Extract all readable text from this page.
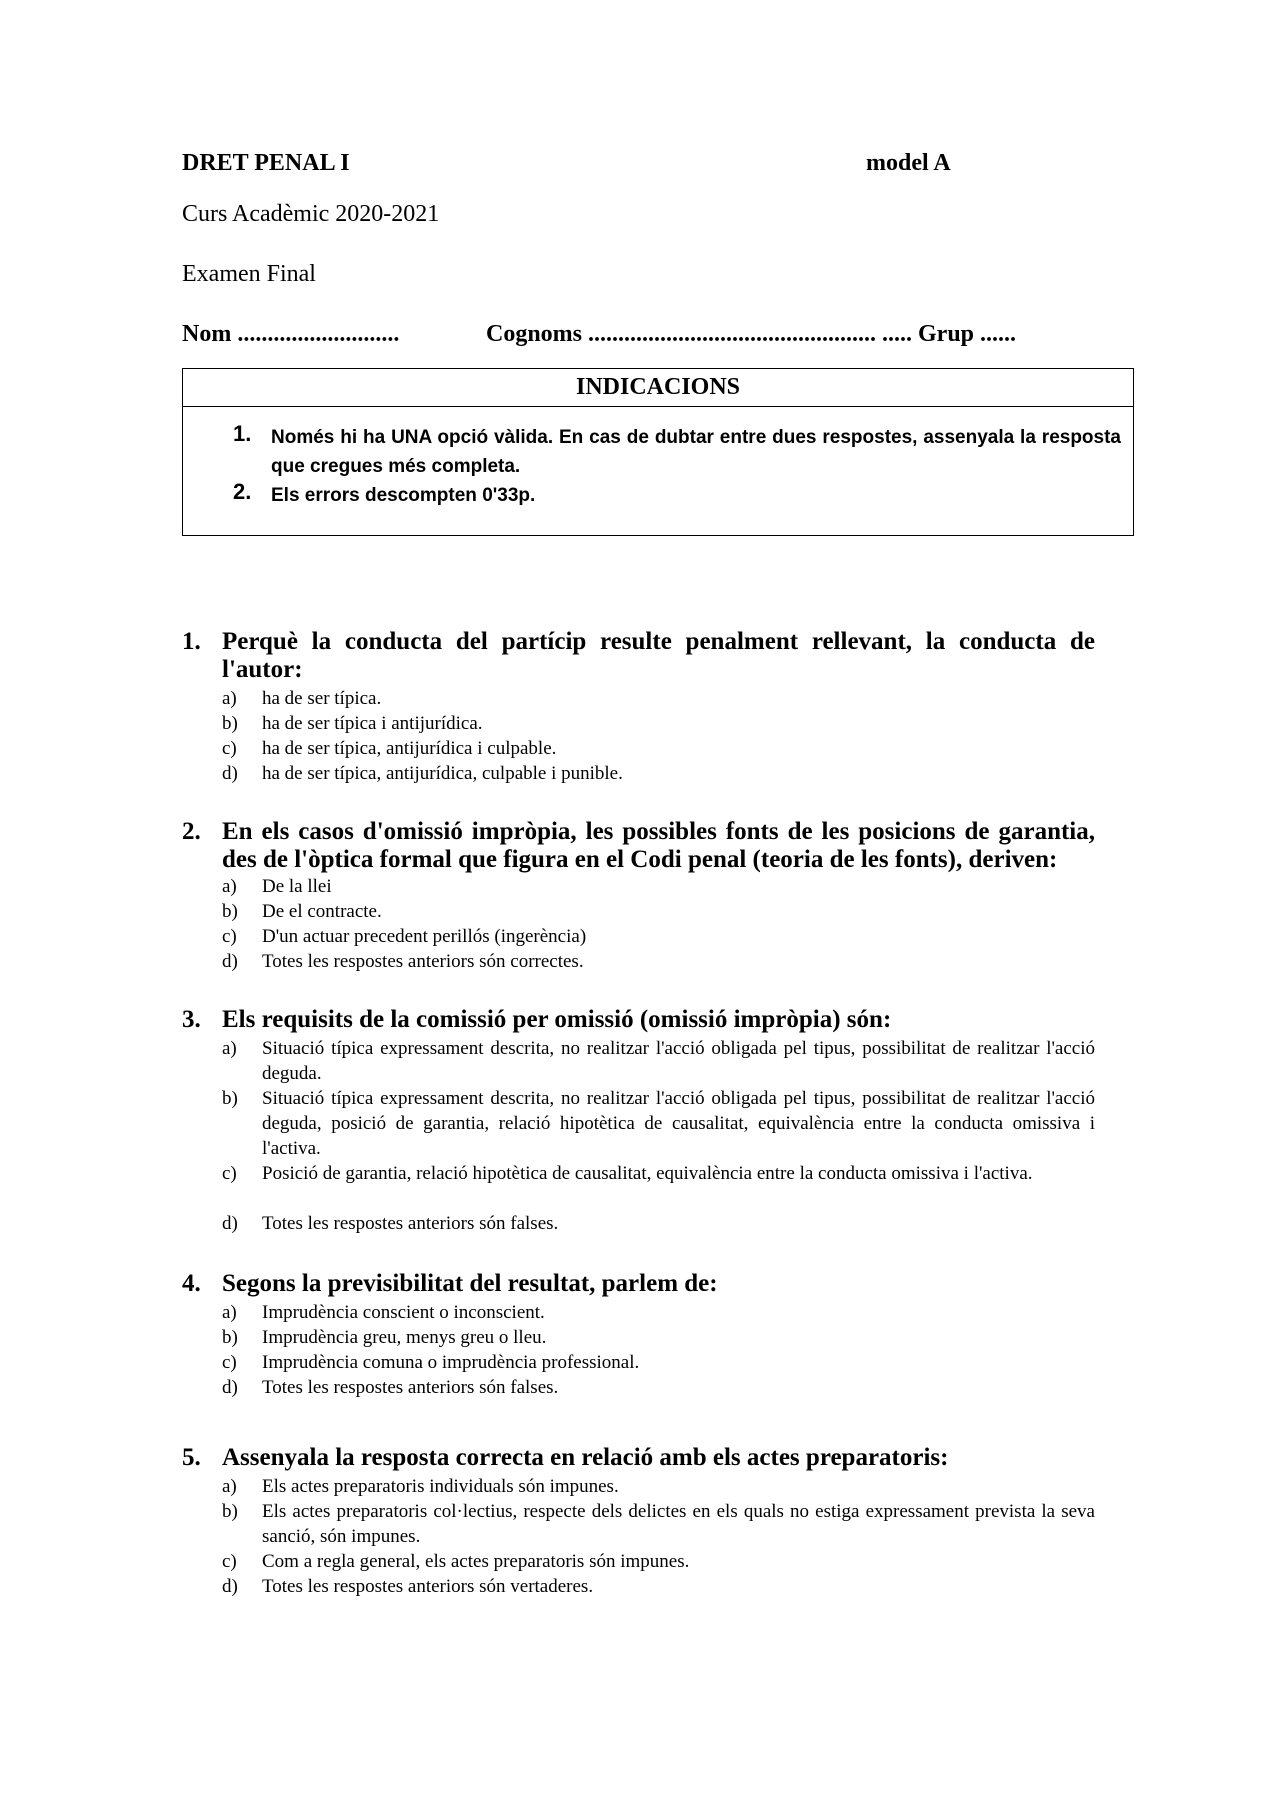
DRET PENAL I	model A
Curs Acadèmic 2020-2021
Examen Final
Nom ...........................	Cognoms ................................................ ..... Grup ......
INDICACIONS
1. Només hi ha UNA opció vàlida. En cas de dubtar entre dues respostes, assenyala la resposta que cregues més completa.
2. Els errors descompten 0'33p.
1. Perquè la conducta del partícip resulte penalment rellevant, la conducta de l'autor:
a) ha de ser típica.
b) ha de ser típica i antijurídica.
c) ha de ser típica, antijurídica i culpable.
d) ha de ser típica, antijurídica, culpable i punible.
2. En els casos d'omissió impròpia, les possibles fonts de les posicions de garantia, des de l'òptica formal que figura en el Codi penal (teoria de les fonts), deriven:
a) De la llei
b) De el contracte.
c) D'un actuar precedent perillós (ingerència)
d) Totes les respostes anteriors són correctes.
3. Els requisits de la comissió per omissió (omissió impròpia) són:
a) Situació típica expressament descrita, no realitzar l'acció obligada pel tipus, possibilitat de realitzar l'acció deguda.
b) Situació típica expressament descrita, no realitzar l'acció obligada pel tipus, possibilitat de realitzar l'acció deguda, posició de garantia, relació hipotètica de causalitat, equivalència entre la conducta omissiva i l'activa.
c) Posició de garantia, relació hipotètica de causalitat, equivalència entre la conducta omissiva i l'activa.
d) Totes les respostes anteriors són falses.
4. Segons la previsibilitat del resultat, parlem de:
a) Imprudència conscient o inconscient.
b) Imprudència greu, menys greu o lleu.
c) Imprudència comuna o imprudència professional.
d) Totes les respostes anteriors són falses.
5. Assenyala la resposta correcta en relació amb els actes preparatoris:
a) Els actes preparatoris individuals són impunes.
b) Els actes preparatoris col·lectius, respecte dels delictes en els quals no estiga expressament prevista la seva sanció, són impunes.
c) Com a regla general, els actes preparatoris són impunes.
d) Totes les respostes anteriors són vertaderes.
